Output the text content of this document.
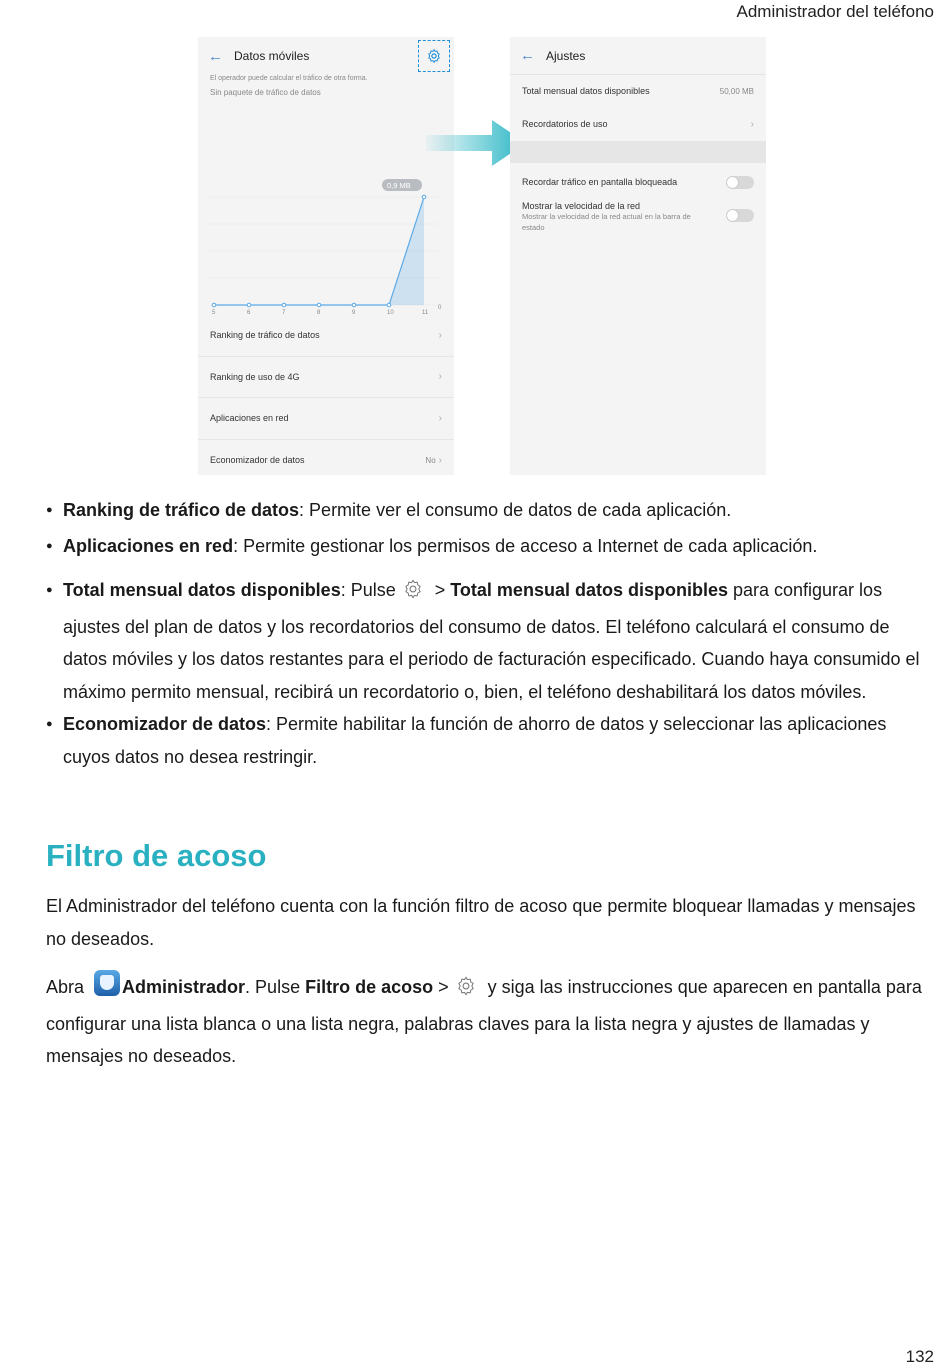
Administrador del teléfono
← Datos móviles
El operador puede calcular el tráfico de otra forma.
Sin paquete de tráfico de datos
5	6	7	8	9	10	11
0
0,9 MB
Ranking de tráfico de datos	›
Ranking de uso de 4G	›
Aplicaciones en red	›
Economizador de datos	No ›
← Ajustes
Total mensual datos disponibles	50,00 MB
Recordatorios de uso	›
Recordar tráfico en pantalla bloqueada
Mostrar la velocidad de la red
Mostrar la velocidad de la red actual en la barra de estado
● Ranking de tráfico de datos: Permite ver el consumo de datos de cada aplicación.
● Aplicaciones en red: Permite gestionar los permisos de acceso a Internet de cada aplicación.
● Total mensual datos disponibles: Pulse > Total mensual datos disponibles para configurar los ajustes del plan de datos y los recordatorios del consumo de datos. El teléfono calculará el consumo de datos móviles y los datos restantes para el periodo de facturación especificado. Cuando haya consumido el máximo permito mensual, recibirá un recordatorio o, bien, el teléfono deshabilitará los datos móviles.
● Economizador de datos: Permite habilitar la función de ahorro de datos y seleccionar las aplicaciones cuyos datos no desea restringir.
Filtro de acoso
El Administrador del teléfono cuenta con la función filtro de acoso que permite bloquear llamadas y mensajes no deseados.
Abra Administrador. Pulse Filtro de acoso > y siga las instrucciones que aparecen en pantalla para configurar una lista blanca o una lista negra, palabras claves para la lista negra y ajustes de llamadas y mensajes no deseados.
132
